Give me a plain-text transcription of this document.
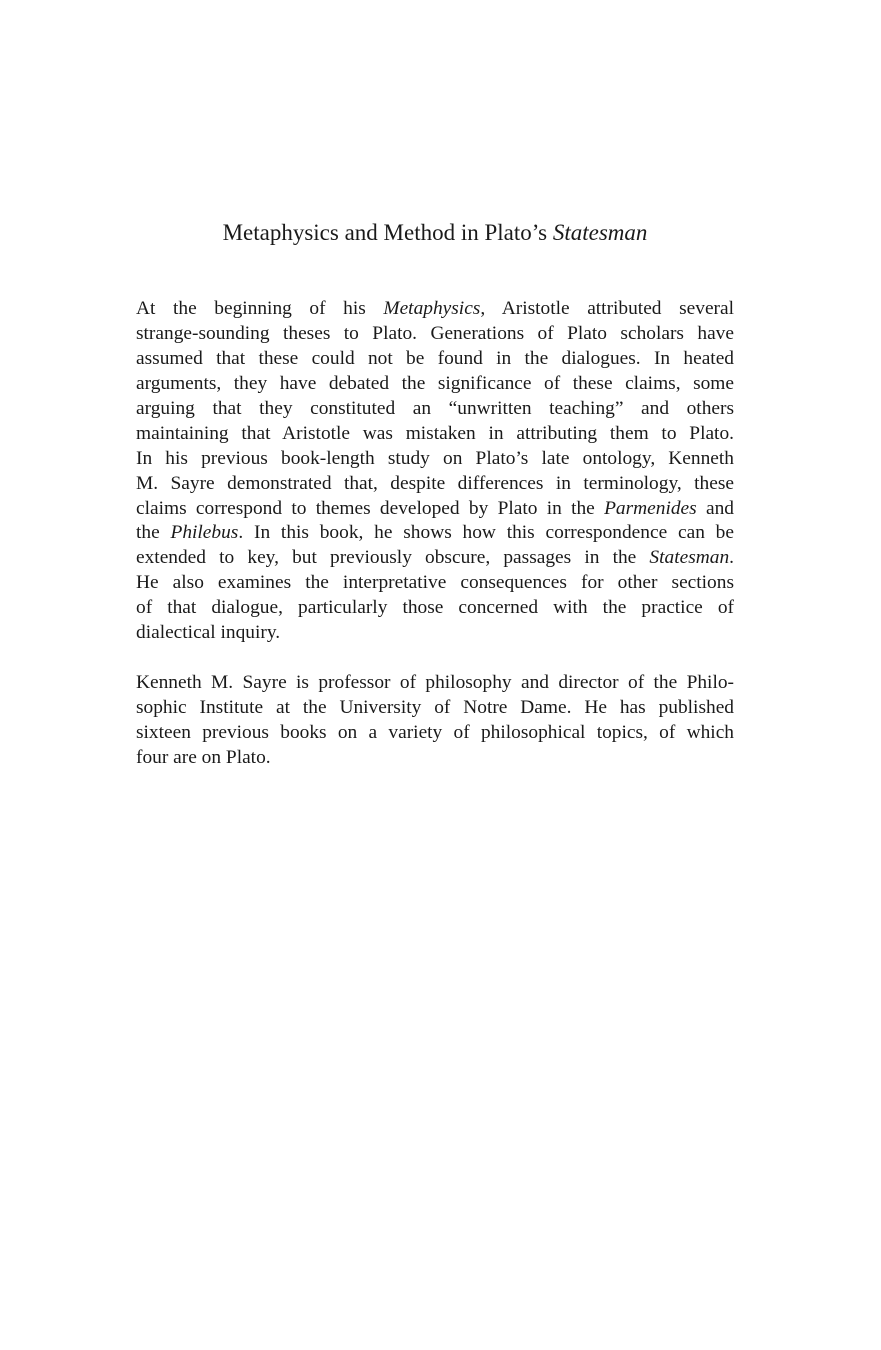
Metaphysics and Method in Plato’s Statesman
At the beginning of his Metaphysics, Aristotle attributed several
strange-sounding theses to Plato. Generations of Plato scholars have
assumed that these could not be found in the dialogues. In heated
arguments, they have debated the significance of these claims, some
arguing that they constituted an “unwritten teaching” and others
maintaining that Aristotle was mistaken in attributing them to Plato.
In his previous book-length study on Plato’s late ontology, Kenneth
M. Sayre demonstrated that, despite differences in terminology, these
claims correspond to themes developed by Plato in the Parmenides and
the Philebus. In this book, he shows how this correspondence can be
extended to key, but previously obscure, passages in the Statesman.
He also examines the interpretative consequences for other sections
of that dialogue, particularly those concerned with the practice of
dialectical inquiry.
Kenneth M. Sayre is professor of philosophy and director of the Philo-
sophic Institute at the University of Notre Dame. He has published
sixteen previous books on a variety of philosophical topics, of which
four are on Plato.
